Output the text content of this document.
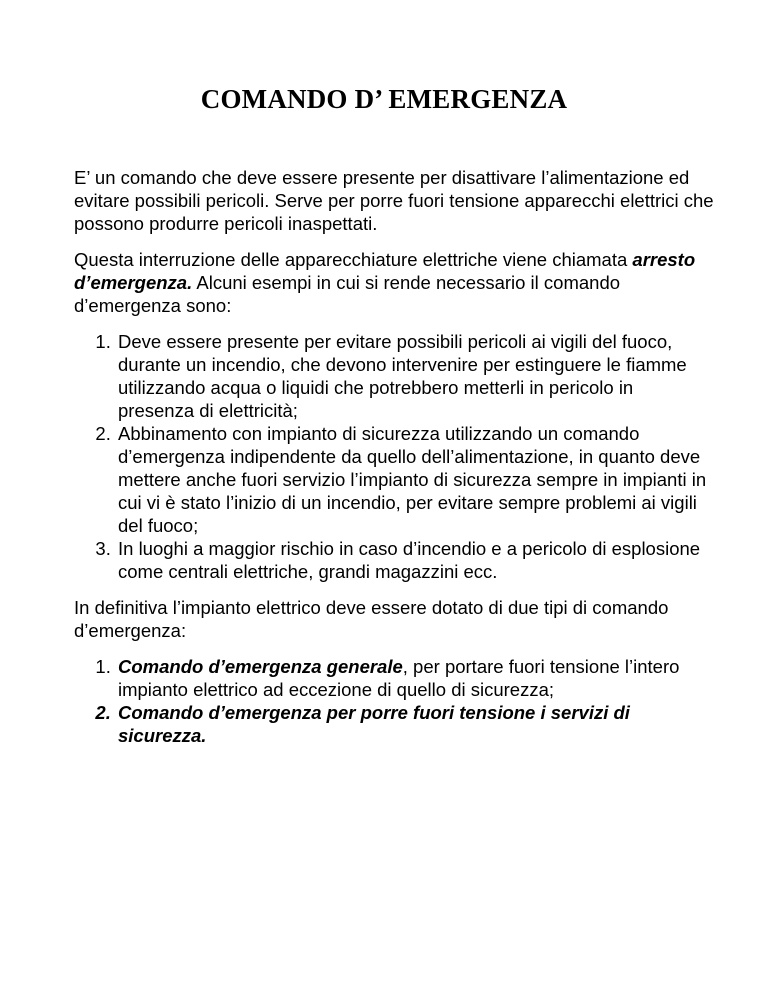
COMANDO D’ EMERGENZA

E’ un comando che deve essere presente per disattivare l’alimentazione ed evitare possibili pericoli. Serve per porre fuori tensione apparecchi elettrici che possono produrre pericoli inaspettati.

Questa interruzione delle apparecchiature elettriche viene chiamata arresto d’emergenza. Alcuni esempi in cui si rende necessario il comando d’emergenza sono:

1. Deve essere presente per evitare possibili pericoli ai vigili del fuoco, durante un incendio, che devono intervenire per estinguere le fiamme utilizzando acqua o liquidi che potrebbero metterli in pericolo in presenza di elettricità;
2. Abbinamento con impianto di sicurezza utilizzando un comando d’emergenza indipendente da quello dell’alimentazione, in quanto deve mettere anche fuori servizio l’impianto di sicurezza sempre in impianti in cui vi è stato l’inizio di un incendio, per evitare sempre problemi ai vigili del fuoco;
3. In luoghi a maggior rischio in caso d’incendio e a pericolo di esplosione come centrali elettriche, grandi magazzini ecc.

In definitiva l’impianto elettrico deve essere dotato di due tipi di comando d’emergenza:

1. Comando d’emergenza generale, per portare fuori tensione l’intero impianto elettrico ad eccezione di quello di sicurezza;
2. Comando d’emergenza per porre fuori tensione i servizi di sicurezza.
